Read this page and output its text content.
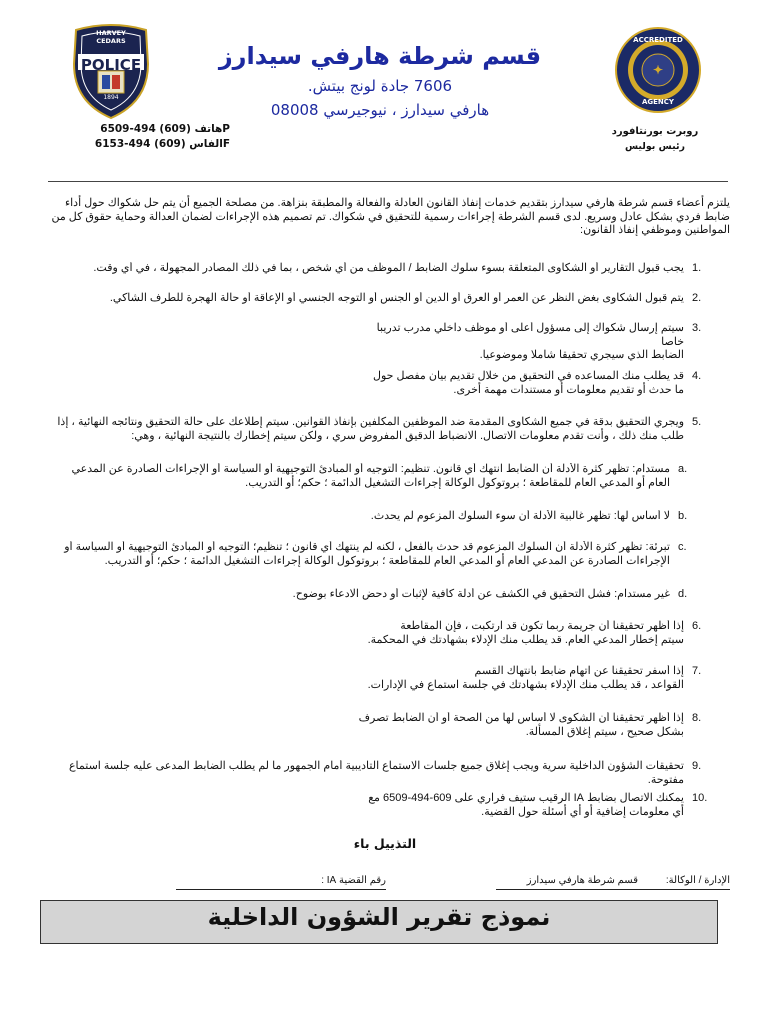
HARVEY CEDARS
POLICE
1894
ACCREDITED
AGENCY
✦
قسم شرطة هارفي سيدارز
7606 جادة لونج بيتش.
هارفي سيدارز ، نيوجيرسي 08008
Pهاتف (609) 494-6509
Fالفاس (609) 494-6153
روبرت بورنتافورد
رئيس بوليس
يلتزم أعضاء قسم شرطة هارفي سيدارز بتقديم خدمات إنفاذ القانون العادلة والفعالة والمطبقة بنزاهة. من مصلحة الجميع أن يتم حل شكواك حول أداء ضابط فردي بشكل عادل وسريع. لدى قسم الشرطة إجراءات رسمية للتحقيق في شكواك. تم تصميم هذه الإجراءات لضمان العدالة وحماية حقوق كل من المواطنين وموظفي إنفاذ القانون:
1.
يجب قبول التقارير أو الشكاوى المتعلقة بسوء سلوك الضابط / الموظف من أي شخص ، بما في ذلك المصادر المجهولة ، في أي وقت.
2.
يتم قبول الشكاوى بغض النظر عن العمر أو العرق أو الدين أو الجنس أو التوجه الجنسي أو الإعاقة أو حالة الهجرة للطرف الشاكي.
3.
سيتم إرسال شكواك إلى مسؤول أعلى أو موظف داخلي مدرب تدريبا خاصا
الضابط الذي سيجري تحقيقا شاملا وموضوعيا.
4.
قد يطلب منك المساعده في التحقيق من خلال تقديم بيان مفصل حول
ما حدث أو تقديم معلومات أو مستندات مهمة أخرى.
5.
ويجري التحقيق بدقة في جميع الشكاوى المقدمة ضد الموظفين المكلفين بإنفاذ القوانين. سيتم إطلاعك على حالة التحقيق ونتائجه النهائية ، إذا طلب منك ذلك ، وأنت تقدم معلومات الاتصال. الانضباط الدقيق المفروض سري ، ولكن سيتم إخطارك بالنتيجة النهائية ، وهي:
a.
مستدام: تظهر كثرة الأدلة أن الضابط انتهك أي قانون. تنظيم: التوجيه أو المبادئ التوجيهية أو السياسة أو الإجراءات الصادرة عن المدعي العام أو المدعي العام للمقاطعة ؛ بروتوكول الوكالة إجراءات التشغيل الدائمة ؛ حكم؛ أو التدريب.
b.
لا أساس لها: تظهر غالبية الأدلة أن سوء السلوك المزعوم لم يحدث.
c.
تبرئة: تظهر كثرة الأدلة أن السلوك المزعوم قد حدث بالفعل ، لكنه لم ينتهك أي قانون ؛ تنظيم؛ التوجيه أو المبادئ التوجيهية أو السياسة أو الإجراءات الصادرة عن المدعي العام أو المدعي العام للمقاطعة ؛ بروتوكول الوكالة إجراءات التشغيل الدائمة ؛ حكم؛ أو التدريب.
d.
غير مستدام: فشل التحقيق في الكشف عن أدلة كافية لإثبات أو دحض الادعاء بوضوح.
6.
إذا أظهر تحقيقنا أن جريمة ربما تكون قد ارتكبت ، فإن المقاطعة
سيتم إخطار المدعي العام. قد يطلب منك الإدلاء بشهادتك في المحكمة.
7.
إذا أسفر تحقيقنا عن اتهام ضابط بانتهاك القسم
القواعد ، قد يطلب منك الإدلاء بشهادتك في جلسة استماع في الإدارات.
8.
إذا أظهر تحقيقنا أن الشكوى لا أساس لها من الصحة أو أن الضابط تصرف
بشكل صحيح ، سيتم إغلاق المسألة.
9.
تحقيقات الشؤون الداخلية سرية ويجب إغلاق جميع جلسات الاستماع التأديبية أمام الجمهور ما لم يطلب الضابط المدعى عليه جلسة استماع مفتوحة.
10.
يمكنك الاتصال بضابط IA الرقيب ستيف فراري على 609-494-6509 مع
أي معلومات إضافية أو أي أسئلة حول القضية.
التذييل باء
الإدارة / الوكالة:
قسم شرطة هارفي سيدارز
رقم القضية IA :
نموذج تقرير الشؤون الداخلية
